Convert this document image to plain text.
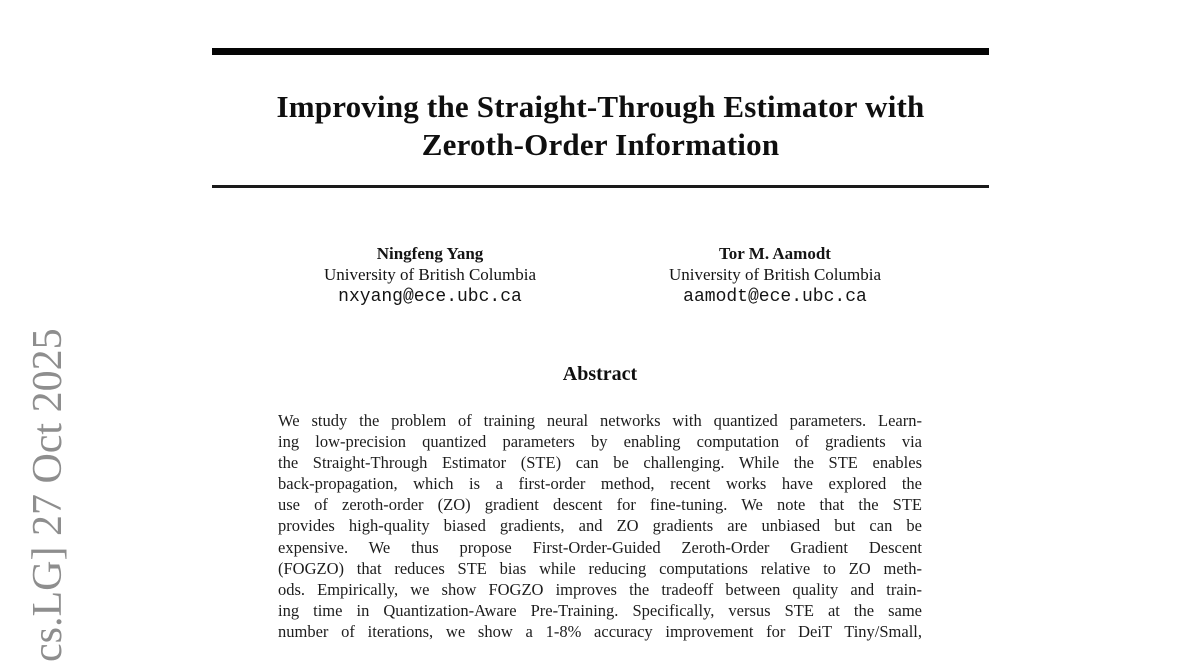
Improving the Straight-Through Estimator with
Zeroth-Order Information
Ningfeng Yang
University of British Columbia
nxyang@ece.ubc.ca
Tor M. Aamodt
University of British Columbia
aamodt@ece.ubc.ca
Abstract
We study the problem of training neural networks with quantized parameters. Learn-
ing low-precision quantized parameters by enabling computation of gradients via
the Straight-Through Estimator (STE) can be challenging. While the STE enables
back-propagation, which is a first-order method, recent works have explored the
use of zeroth-order (ZO) gradient descent for fine-tuning. We note that the STE
provides high-quality biased gradients, and ZO gradients are unbiased but can be
expensive. We thus propose First-Order-Guided Zeroth-Order Gradient Descent
(FOGZO) that reduces STE bias while reducing computations relative to ZO meth-
ods. Empirically, we show FOGZO improves the tradeoff between quality and train-
ing time in Quantization-Aware Pre-Training. Specifically, versus STE at the same
number of iterations, we show a 1-8% accuracy improvement for DeiT Tiny/Small,
cs.LG] 27 Oct 2025
